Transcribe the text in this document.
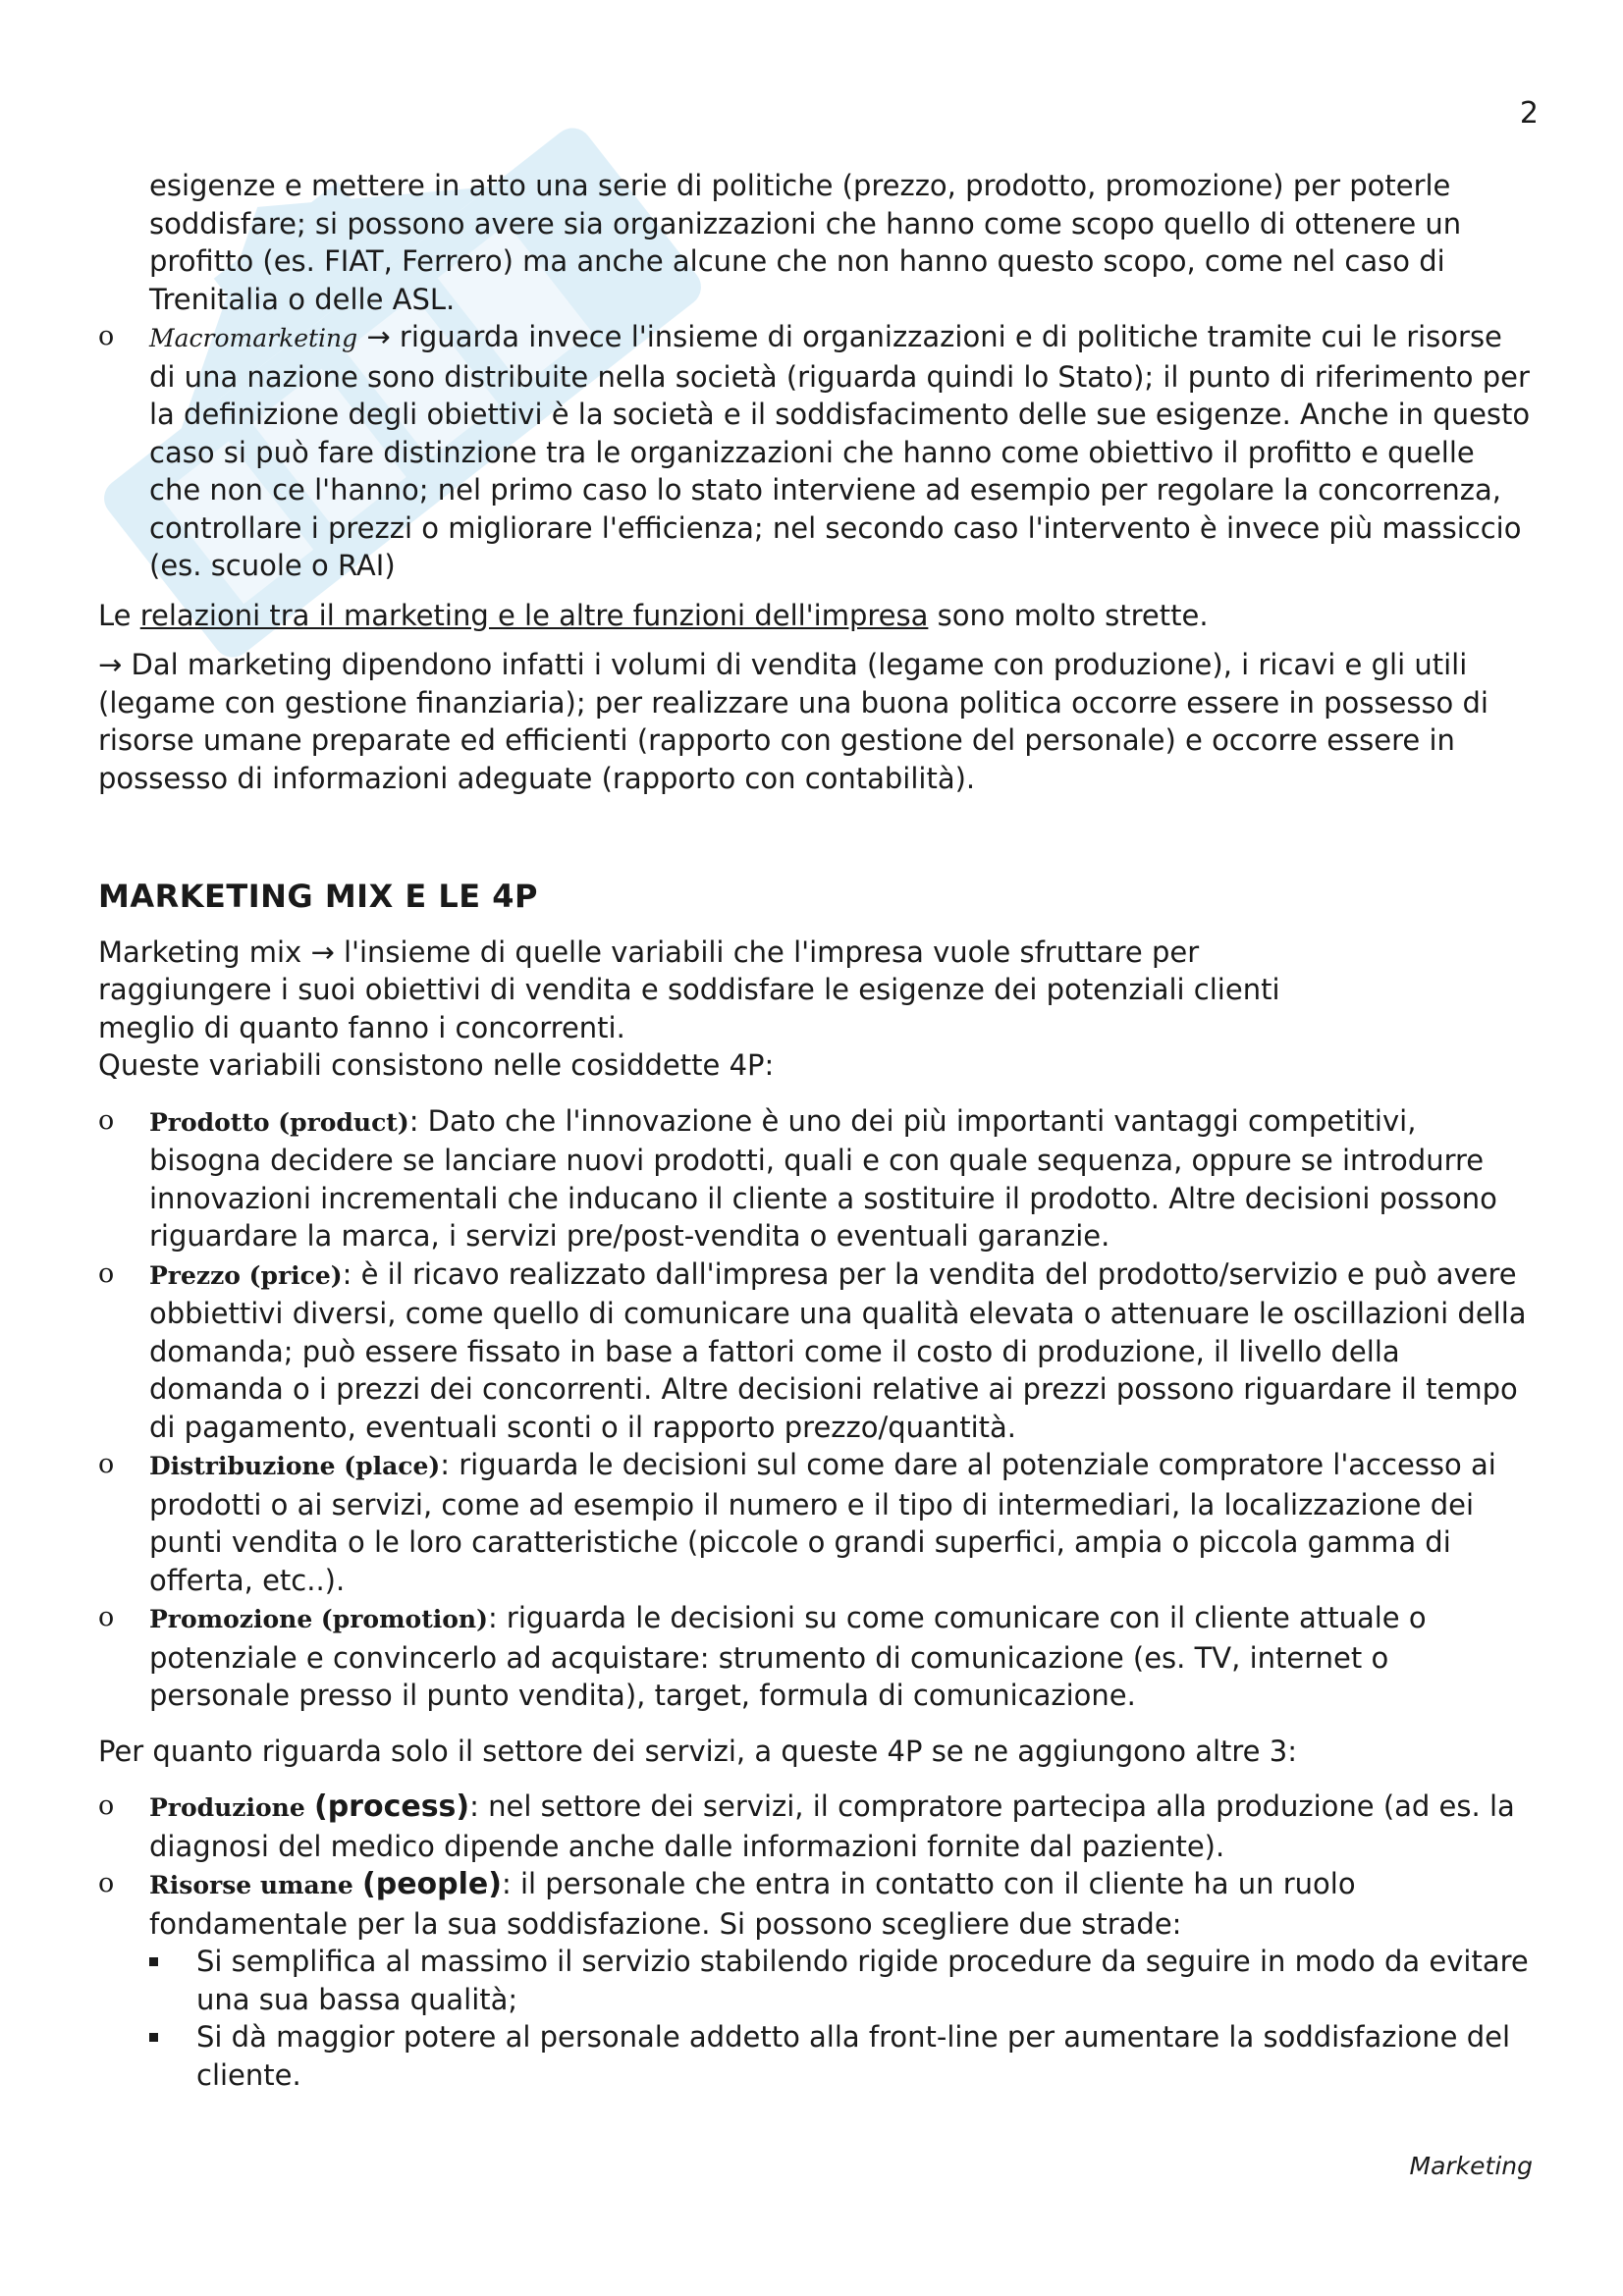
2

esigenze e mettere in atto una serie di politiche (prezzo, prodotto, promozione) per poterle soddisfare; si possono avere sia organizzazioni che hanno come scopo quello di ottenere un profitto (es. FIAT, Ferrero) ma anche alcune che non hanno questo scopo, come nel caso di Trenitalia o delle ASL.

o Macromarketing → riguarda invece l'insieme di organizzazioni e di politiche tramite cui le risorse di una nazione sono distribuite nella società (riguarda quindi lo Stato); il punto di riferimento per la definizione degli obiettivi è la società e il soddisfacimento delle sue esigenze. Anche in questo caso si può fare distinzione tra le organizzazioni che hanno come obiettivo il profitto e quelle che non ce l'hanno; nel primo caso lo stato interviene ad esempio per regolare la concorrenza, controllare i prezzi o migliorare l'efficienza; nel secondo caso l'intervento è invece più massiccio (es. scuole o RAI)

Le relazioni tra il marketing e le altre funzioni dell'impresa sono molto strette.

→ Dal marketing dipendono infatti i volumi di vendita (legame con produzione), i ricavi e gli utili (legame con gestione finanziaria); per realizzare una buona politica occorre essere in possesso di risorse umane preparate ed efficienti (rapporto con gestione del personale) e occorre essere in possesso di informazioni adeguate (rapporto con contabilità).

MARKETING MIX E LE 4P
Marketing mix → l'insieme di quelle variabili che l'impresa vuole sfruttare per
raggiungere i suoi obiettivi di vendita e soddisfare le esigenze dei potenziali clienti
meglio di quanto fanno i concorrenti.
Queste variabili consistono nelle cosiddette 4P:
o Prodotto (product): Dato che l'innovazione è uno dei più importanti vantaggi competitivi, bisogna decidere se lanciare nuovi prodotti, quali e con quale sequenza, oppure se introdurre innovazioni incrementali che inducano il cliente a sostituire il prodotto. Altre decisioni possono riguardare la marca, i servizi pre/post-vendita o eventuali garanzie.
o Prezzo (price): è il ricavo realizzato dall'impresa per la vendita del prodotto/servizio e può avere obbiettivi diversi, come quello di comunicare una qualità elevata o attenuare le oscillazioni della domanda; può essere fissato in base a fattori come il costo di produzione, il livello della domanda o i prezzi dei concorrenti. Altre decisioni relative ai prezzi possono riguardare il tempo di pagamento, eventuali sconti o il rapporto prezzo/quantità.
o Distribuzione (place): riguarda le decisioni sul come dare al potenziale compratore l'accesso ai prodotti o ai servizi, come ad esempio il numero e il tipo di intermediari, la localizzazione dei punti vendita o le loro caratteristiche (piccole o grandi superfici, ampia o piccola gamma di offerta, etc..).
o Promozione (promotion): riguarda le decisioni su come comunicare con il cliente attuale o potenziale e convincerlo ad acquistare: strumento di comunicazione (es. TV, internet o personale presso il punto vendita), target, formula di comunicazione.

Per quanto riguarda solo il settore dei servizi, a queste 4P se ne aggiungono altre 3:

o Produzione (process): nel settore dei servizi, il compratore partecipa alla produzione (ad es. la diagnosi del medico dipende anche dalle informazioni fornite dal paziente).
o Risorse umane (people): il personale che entra in contatto con il cliente ha un ruolo fondamentale per la sua soddisfazione. Si possono scegliere due strade:
Si semplifica al massimo il servizio stabilendo rigide procedure da seguire in modo da evitare una sua bassa qualità;
Si dà maggior potere al personale addetto alla front-line per aumentare la soddisfazione del cliente.
Marketing
